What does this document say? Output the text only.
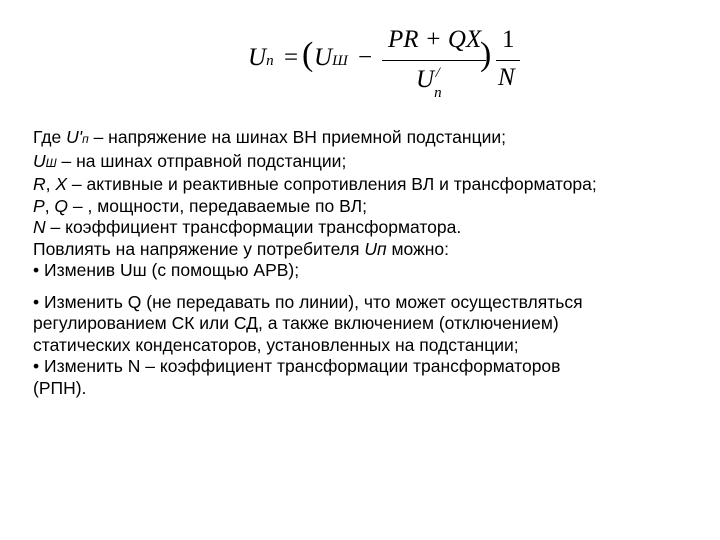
Un = ( UШ −
PR + QX
$U_n^/$ ) 1
N
Где U'п – напряжение на шинах ВН приемной подстанции;
UШ – на шинах отправной подстанции;
R, X – активные и реактивные сопротивления ВЛ и трансформатора;
P, Q – , мощности, передаваемые по ВЛ;
N – коэффициент трансформации трансформатора.
Повлиять на напряжение у потребителя Uп можно:
• Изменив Uш (с помощью АРВ);
• Изменить Q (не передавать по линии), что может осуществляться
регулированием СК или СД, а также включением (отключением)
статических конденсаторов, установленных на подстанции;
• Изменить N – коэффициент трансформации трансформаторов
(РПН).
